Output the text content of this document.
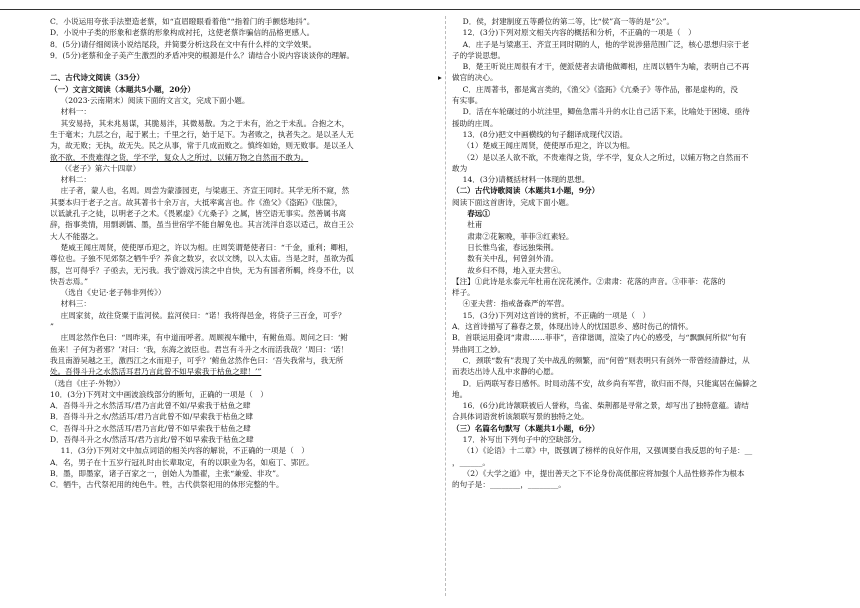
▸

C．小说运用夸张手法塑造老蔡，如“直眉瞪眼看着他”“指着门的手颤悠地抖”。

D．小说中子类的形象和老蔡的形象构成衬托，这使老蔡诈骗信的品格更感人。

8．(5分)请仔细阅读小说结尾段，并简要分析这段在文中有什么样的文学效果。

9．(5分)老蔡和金子美产生激烈的矛盾冲突的根源是什么？请结合小说内容谈谈你的理解。

二、古代诗文阅读（35分）

（一）文言文阅读（本题共5小题，20分）

（2023·云南期末）阅读下面的文言文，完成下面小题。

材料一：

其安易持，其未兆易谋，其脆易泮，其微易散。为之于未有，治之于未乱。合抱之木，

生于毫末；九层之台，起于累土；千里之行，始于足下。为者败之，执者失之。是以圣人无

为，故无败；无执，故无失。民之从事，常于几成而败之。慎终如始，则无败事。是以圣人

欲不欲，不贵难得之货，学不学，复众人之所过，以辅万物之自然而不敢为。

（《老子》第六十四章）

材料二：

庄子者，蒙人也，名周。周尝为蒙漆园吏，与梁惠王、齐宣王同时。其学无所不窥，然

其要本归于老子之言。故其著书十余万言，大抵率寓言也。作《渔父》《盗跖》《胠箧》，

以诋訿孔子之徒，以明老子之术。《畏累虚》《亢桑子》之属，皆空语无事实。然善属书离

辞，指事类情，用剽剥儒、墨，虽当世宿学不能自解免也。其言洸洋自恣以适己，故自王公

大人不能器之。

楚威王闻庄周贤，使使厚币迎之，许以为相。庄周笑谓楚使者曰：“千金，重利；卿相，

尊位也。子独不见郊祭之牺牛乎？养食之数岁，衣以文绣，以入太庙。当是之时，虽欲为孤

豚，岂可得乎？子亟去，无污我。我宁游戏污渎之中自快，无为有国者所羁，终身不仕，以

快吾志焉。”

（选自《史记·老子韩非列传》）

材料三：

庄周家贫，故往贷粟于监河侯。监河侯曰：“诺！我将得邑金，将贷子三百金，可乎？

”

庄周忿然作色曰：“周昨来，有中道而呼者。周顾视车辙中，有鲋鱼焉。周问之曰：‘鲋

鱼来！子何为者邪？’对曰：‘我，东海之波臣也。君岂有斗升之水而活我哉？’周曰：‘诺！

我且南游吴越之王，激西江之水而迎子，可乎？’鲋鱼忿然作色曰：‘吾失我常与，我无所

处。吾得斗升之水然活耳君乃言此曾不如早索我于枯鱼之肆！’”

（选自《庄子·外物》）

10．(3分)下列对文中画波浪线部分的断句，正确的一项是（　）

A．吾得斗升之水然活耳/君乃言此曾不如/早索我于枯鱼之肆

B．吾得斗升之水/然活耳/君乃言此曾不如/早索我于枯鱼之肆

C．吾得斗升之水然活耳/君乃言此/曾不如早索我于枯鱼之肆

D．吾得斗升之水/然活耳/君乃言此/曾不如早索我于枯鱼之肆

11．(3分)下列对文中加点词语的相关内容的解说，不正确的一项是（　）

A．名，男子在十五岁行冠礼时由长辈取定，有的以职业为名，如庖丁、郢匠。

B．墨，即墨家，诸子百家之一，创始人为墨翟，主张“兼爱、非攻”。

C．牺牛，古代祭祀用的纯色牛。牲，古代供祭祀用的体形完整的牛。

D．侯，封建制度五等爵位的第二等，比“侯”高一等的是“公”。

12．(3分)下列对原文相关内容的概括和分析，不正确的一项是（　）

A．庄子是与梁惠王、齐宣王同时期的人，他的学说涉猎范围广泛，核心思想归宗于老

子的学说思想。

B．楚王听说庄周很有才干，便派使者去请他做卿相，庄周以牺牛为喻，表明自己不再

做官的决心。

C．庄周著书，都是寓言类的，《渔父》《盗跖》《亢桑子》等作品，都是虚构的，没

有实事。

D．活在车轮碾过的小坑洼里，鲫鱼急需斗升的水让自己活下来，比喻处于困境、亟待

援助的庄周。

13．(8分)把文中画横线的句子翻译成现代汉语。

（1）楚威王闻庄周贤，使使厚币迎之，许以为相。

（2）是以圣人欲不欲，不贵难得之货，学不学，复众人之所过，以辅万物之自然而不

敢为

14．(3分)请概括材料一体现的思想。

（二）古代诗歌阅读（本题共1小题，9分）

阅读下面这首唐诗，完成下面小题。

春远①

杜甫

肃肃②花絮晚，菲菲③红素轻。

日长惟鸟雀，春远独柴荆。

数有关中乱，何曾剑外清。

故乡归不得，地入亚夫营④。

【注】①此诗是永泰元年杜甫在浣花溪作。②肃肃：花落的声音。③菲菲：花落的

样子。

④亚夫营：指戒备森严的军营。

15．(3分)下列对这首诗的赏析，不正确的一项是（　）

A．这首诗描写了暮春之景，体现出诗人的忧国思乡、感时伤己的情怀。

B．首联运用叠词“肃肃……菲菲”，音律谐调，渲染了内心的感受，与“飘飘何所似”句有

异曲同工之妙。

C．颈联“数有”表现了关中战乱的频繁，而“何曾”则表明只有剑外一带曾经清静过，从

而表达出诗人乱中求静的心愿。

D．后两联写春日感怀。时局动荡不安，故乡尚有军营，欲归而不得，只能寓居在偏僻之

地。

16．(6分)此诗颔联被后人誉称，鸟雀、柴荆都是寻常之景，却写出了独特意蕴。请结

合具体词语赏析该颔联写景的独特之处。

（三）名篇名句默写（本题共1小题，6分）

17．补写出下列句子中的空缺部分。

（1）《论语》十二章》中，既强调了榜样的良好作用，又强调要自我反思的句子是：__

，______。

（2）《大学之道》中，提出善天之下不论身份高低都应将加强个人品性修养作为根本

的句子是：________，________。
